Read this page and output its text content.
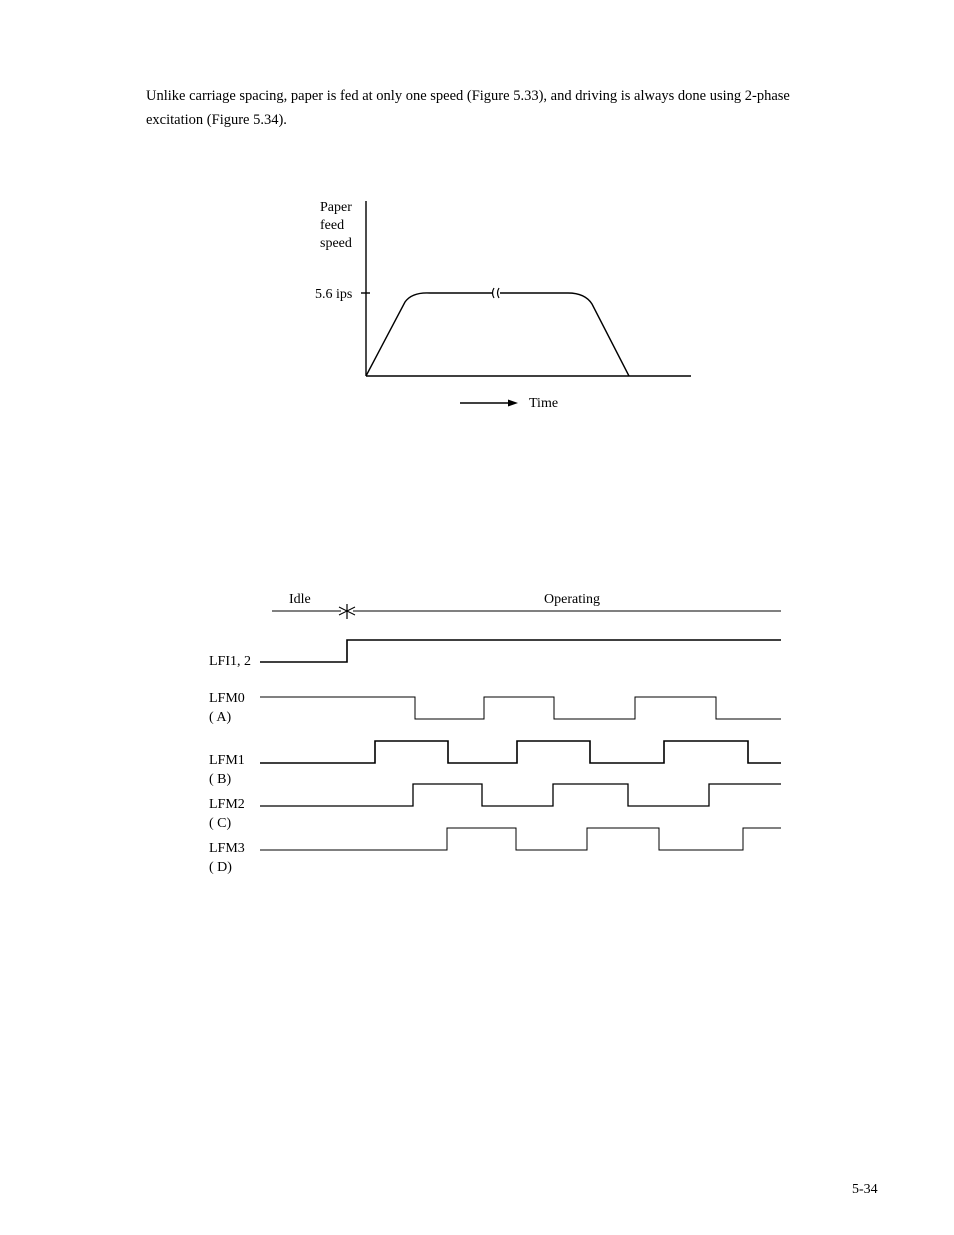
Unlike carriage spacing, paper is fed at only one speed (Figure 5.33), and driving is always done using 2-phase excitation (Figure 5.34).

Paper
feed
speed
5.6 ips
Time
Idle	Operating
LFI1, 2
LFM0
( A)
LFM1
( B)
LFM2
( C)
LFM3
( D)
5-34
